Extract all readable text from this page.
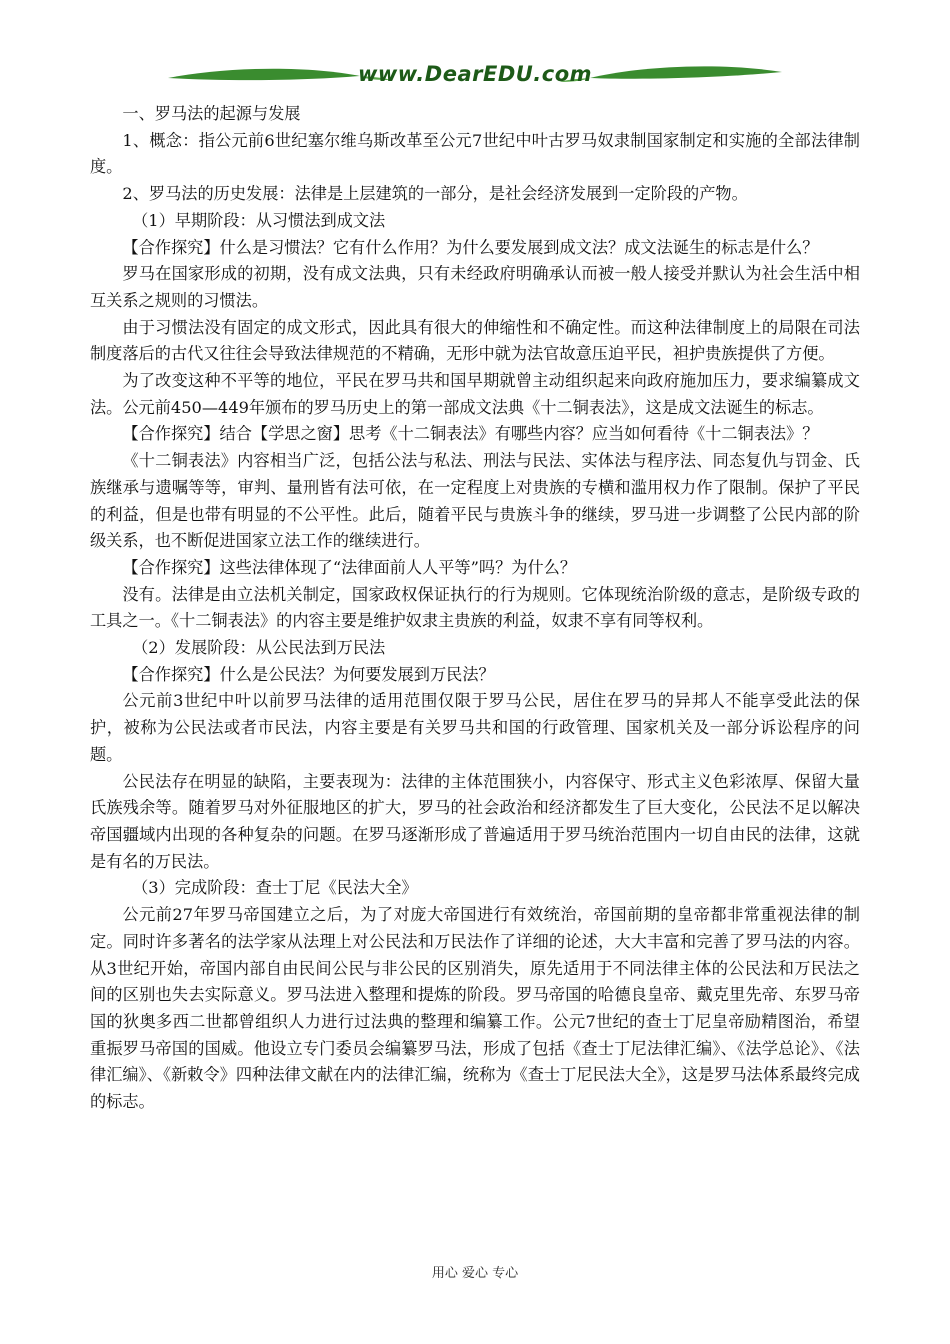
www.DearEDU.com

一、罗马法的起源与发展

1、概念：指公元前6世纪塞尔维乌斯改革至公元7世纪中叶古罗马奴隶制国家制定和实施的全部法律制度。

2、罗马法的历史发展：法律是上层建筑的一部分，是社会经济发展到一定阶段的产物。

（1）早期阶段：从习惯法到成文法

【合作探究】什么是习惯法？它有什么作用？为什么要发展到成文法？成文法诞生的标志是什么？

罗马在国家形成的初期，没有成文法典，只有未经政府明确承认而被一般人接受并默认为社会生活中相互关系之规则的习惯法。

由于习惯法没有固定的成文形式，因此具有很大的伸缩性和不确定性。而这种法律制度上的局限在司法制度落后的古代又往往会导致法律规范的不精确，无形中就为法官故意压迫平民，袒护贵族提供了方便。

为了改变这种不平等的地位，平民在罗马共和国早期就曾主动组织起来向政府施加压力，要求编纂成文法。公元前450—449年颁布的罗马历史上的第一部成文法典《十二铜表法》，这是成文法诞生的标志。

【合作探究】结合【学思之窗】思考《十二铜表法》有哪些内容？应当如何看待《十二铜表法》？

《十二铜表法》内容相当广泛，包括公法与私法、刑法与民法、实体法与程序法、同态复仇与罚金、氏族继承与遗嘱等等，审判、量刑皆有法可依，在一定程度上对贵族的专横和滥用权力作了限制。保护了平民的利益，但是也带有明显的不公平性。此后，随着平民与贵族斗争的继续，罗马进一步调整了公民内部的阶级关系，也不断促进国家立法工作的继续进行。

【合作探究】这些法律体现了“法律面前人人平等”吗？为什么？

没有。法律是由立法机关制定，国家政权保证执行的行为规则。它体现统治阶级的意志，是阶级专政的工具之一。《十二铜表法》的内容主要是维护奴隶主贵族的利益，奴隶不享有同等权利。

（2）发展阶段：从公民法到万民法

【合作探究】什么是公民法？为何要发展到万民法？

公元前3世纪中叶以前罗马法律的适用范围仅限于罗马公民，居住在罗马的异邦人不能享受此法的保护，被称为公民法或者市民法，内容主要是有关罗马共和国的行政管理、国家机关及一部分诉讼程序的问题。

公民法存在明显的缺陷，主要表现为：法律的主体范围狭小，内容保守、形式主义色彩浓厚、保留大量氏族残余等。随着罗马对外征服地区的扩大，罗马的社会政治和经济都发生了巨大变化，公民法不足以解决帝国疆域内出现的各种复杂的问题。在罗马逐渐形成了普遍适用于罗马统治范围内一切自由民的法律，这就是有名的万民法。

（3）完成阶段：查士丁尼《民法大全》

公元前27年罗马帝国建立之后，为了对庞大帝国进行有效统治，帝国前期的皇帝都非常重视法律的制定。同时许多著名的法学家从法理上对公民法和万民法作了详细的论述，大大丰富和完善了罗马法的内容。从3世纪开始，帝国内部自由民间公民与非公民的区别消失，原先适用于不同法律主体的公民法和万民法之间的区别也失去实际意义。罗马法进入整理和提炼的阶段。罗马帝国的哈德良皇帝、戴克里先帝、东罗马帝国的狄奥多西二世都曾组织人力进行过法典的整理和编纂工作。公元7世纪的查士丁尼皇帝励精图治，希望重振罗马帝国的国威。他设立专门委员会编纂罗马法，形成了包括《查士丁尼法律汇编》、《法学总论》、《法律汇编》、《新敕令》四种法律文献在内的法律汇编，统称为《查士丁尼民法大全》，这是罗马法体系最终完成的标志。

用心 爱心 专心
